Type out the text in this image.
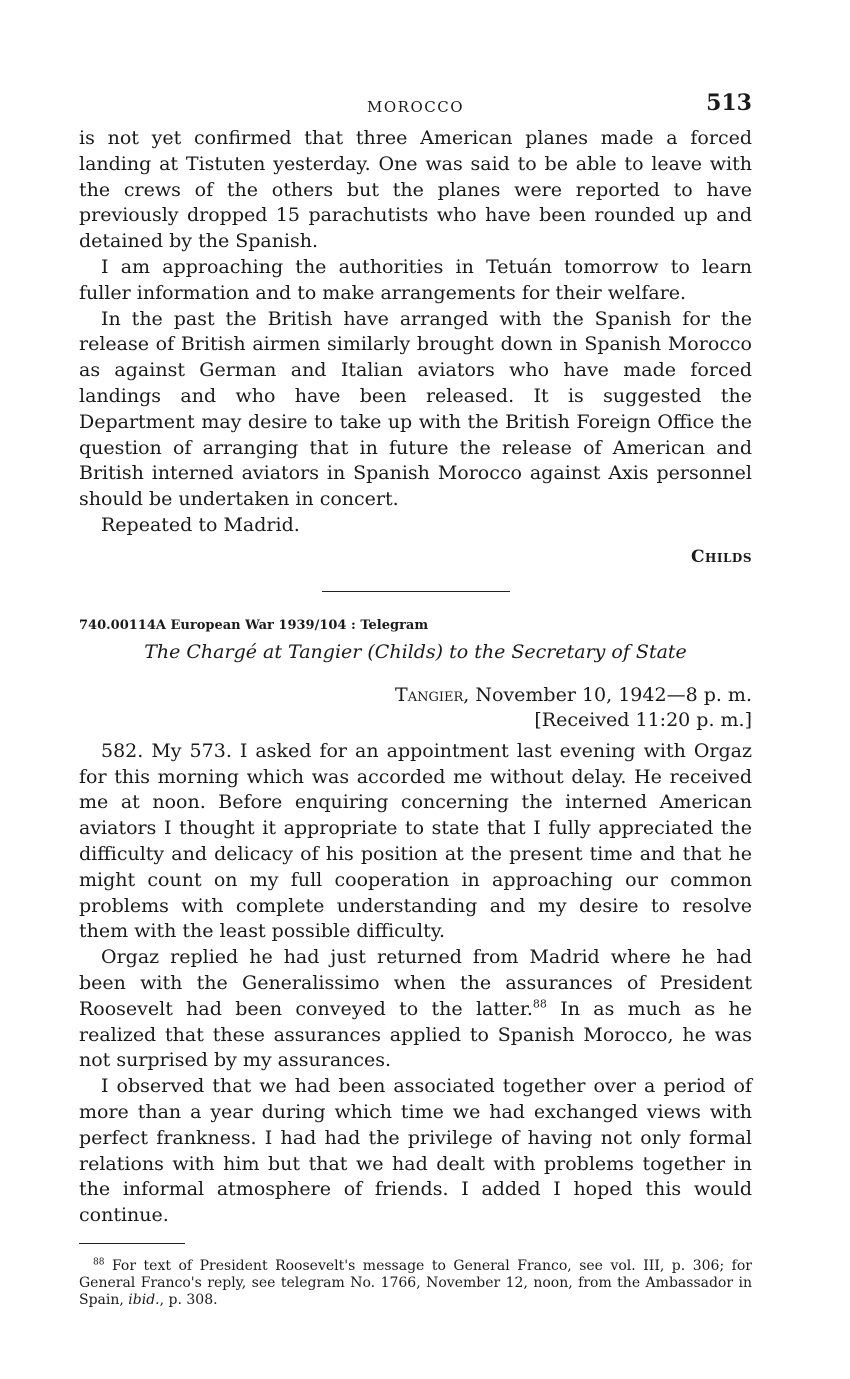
MOROCCO	513

is not yet confirmed that three American planes made a forced landing at Tistuten yesterday. One was said to be able to leave with the crews of the others but the planes were reported to have previously dropped 15 parachutists who have been rounded up and detained by the Spanish.

I am approaching the authorities in Tetuán tomorrow to learn fuller information and to make arrangements for their welfare.

In the past the British have arranged with the Spanish for the release of British airmen similarly brought down in Spanish Morocco as against German and Italian aviators who have made forced landings and who have been released. It is suggested the Department may desire to take up with the British Foreign Office the question of arranging that in future the release of American and British interned aviators in Spanish Morocco against Axis personnel should be undertaken in concert.

Repeated to Madrid.

Childs

740.00114A European War 1939/104 : Telegram

The Chargé at Tangier (Childs) to the Secretary of State

Tangier, November 10, 1942—8 p. m.

[Received 11:20 p. m.]

582. My 573. I asked for an appointment last evening with Orgaz for this morning which was accorded me without delay. He received me at noon. Before enquiring concerning the interned American aviators I thought it appropriate to state that I fully appreciated the difficulty and delicacy of his position at the present time and that he might count on my full cooperation in approaching our common problems with complete understanding and my desire to resolve them with the least possible difficulty.

Orgaz replied he had just returned from Madrid where he had been with the Generalissimo when the assurances of President Roosevelt had been conveyed to the latter.$^{88}$ In as much as he realized that these assurances applied to Spanish Morocco, he was not surprised by my assurances.

I observed that we had been associated together over a period of more than a year during which time we had exchanged views with perfect frankness. I had had the privilege of having not only formal relations with him but that we had dealt with problems together in the informal atmosphere of friends. I added I hoped this would continue.

$^{88}$ For text of President Roosevelt's message to General Franco, see vol. III, p. 306; for General Franco's reply, see telegram No. 1766, November 12, noon, from the Ambassador in Spain, ibid., p. 308.
